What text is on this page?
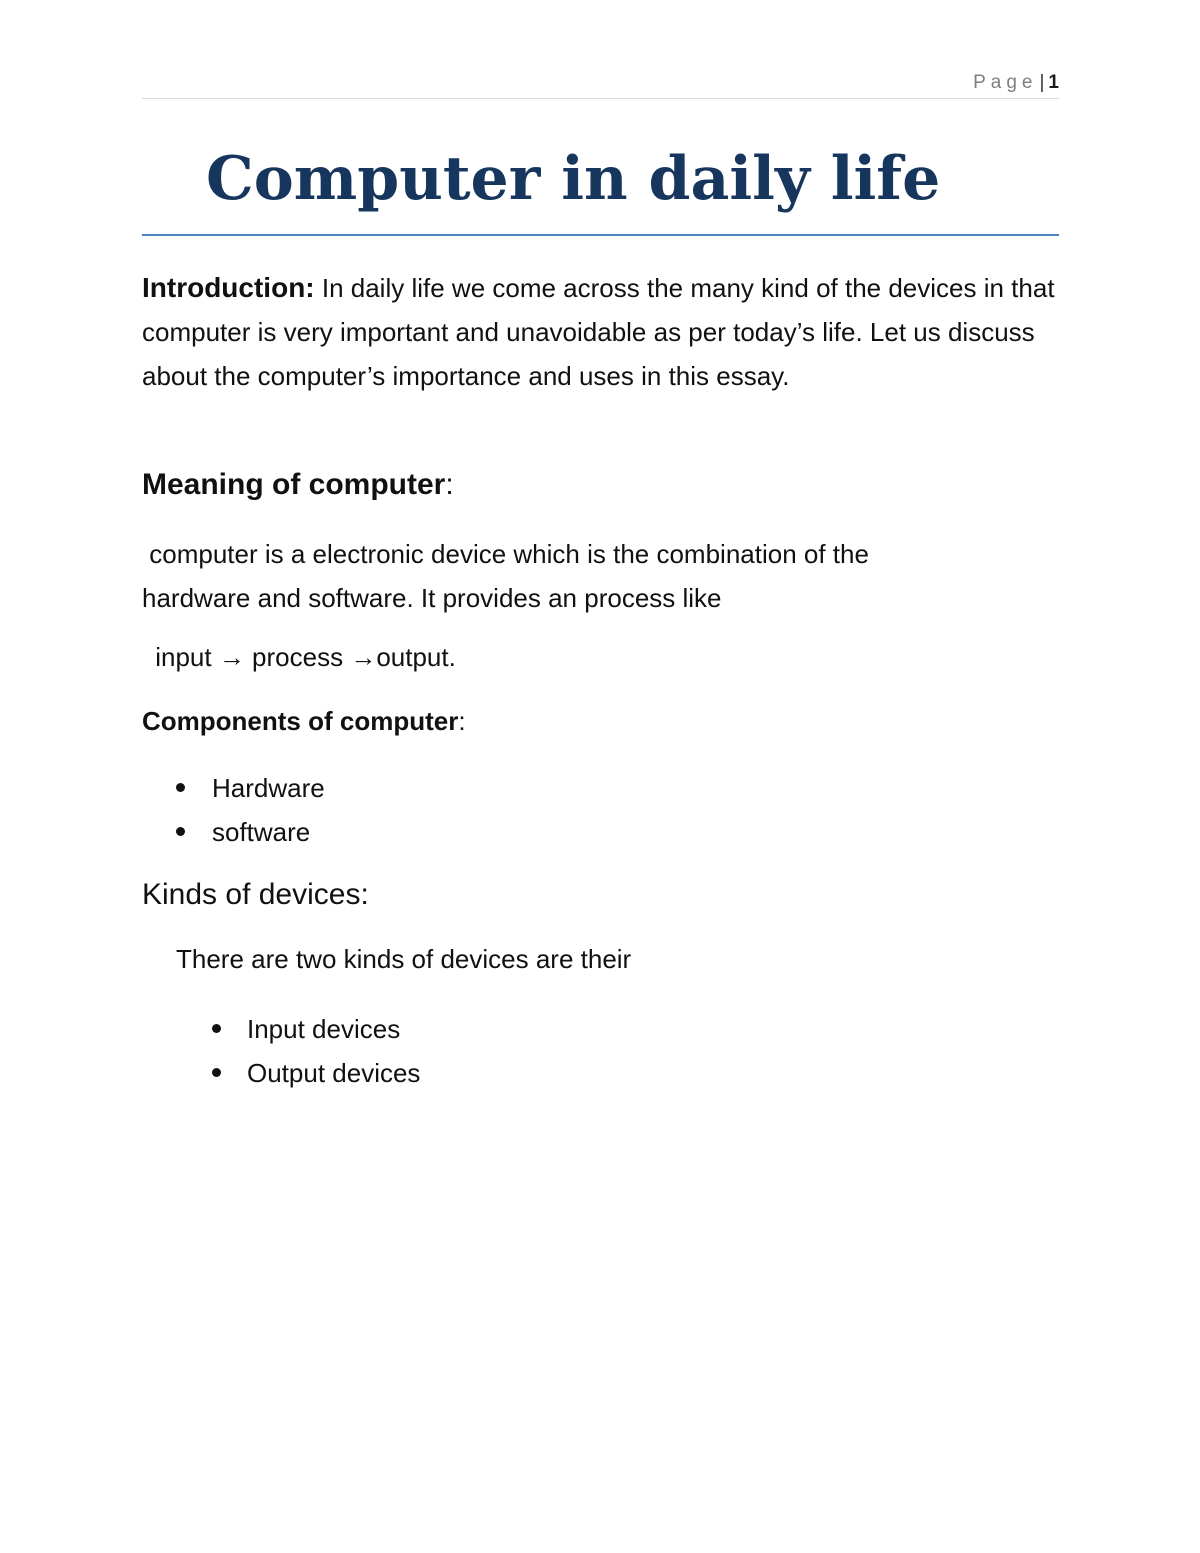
Page | 1
Computer in daily life

Introduction: In daily life we come across the many kind of the devices in that computer is very important and unavoidable as per today’s life. Let us discuss about the computer’s importance and uses in this essay.

Meaning of computer:

computer is a electronic device which is the combination of the hardware and software. It provides an process like

input → process →output.

Components of computer:
Hardware
software
Kinds of devices:

There are two kinds of devices are their

Input devices
Output devices
